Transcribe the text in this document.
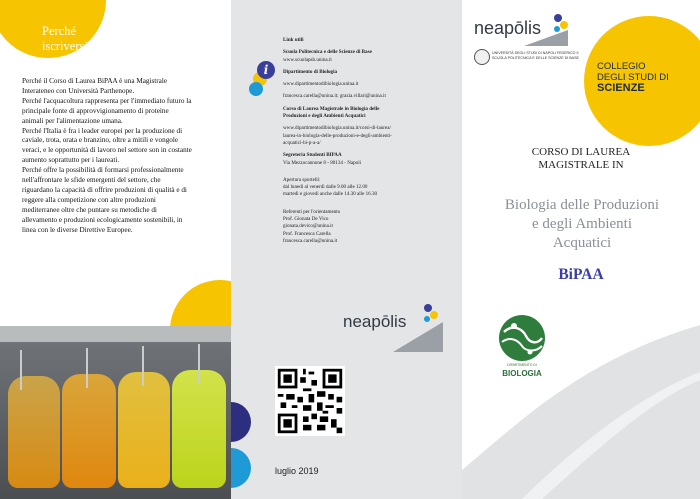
Perché
iscriversi

Perché il Corso di Laurea BiPAA è una Magistrale Interateneo con Università Parthenope.

Perché l'acquacoltura rappresenta per l'immediato futuro la principale fonte di approvvigionamento di proteine animali per l'alimentazione umana.

Perché l'Italia è fra i leader europei per la produzione di caviale, trota, orata e branzino, oltre a mitili e vongole veraci, e le opportunità di lavoro nel settore son in costante aumento soprattutto per i laureati.

Perché offre la possibilità di formarsi professionalmente nell'affrontare le sfide emergenti del settore, che riguardano la capacità di offrire produzioni di qualità e di reggere alla competizione con altre produzioni mediterranee oltre che puntare su metodiche di allevamento e produzioni ecologicamente sostenibili, in linea con le diverse Direttive Europee.

i
Link utili
Scuola Politecnica e delle Scienze di Base
www.scuolapsb.unina.it
Dipartimento di Biologia
www.dipartimentodibiologia.unina.it
francesca.carella@unina.it; grazia.villari@unina.it
Corso di Laurea Magistrale in Biologia delle
Produzioni e degli Ambienti Acquatici
www.dipartimentodibiologia.unina.it/corsi-di-laurea/
laurea-in-biologia-delle-produzioni-e-degli-ambienti-
acquatici-bi-p-a-a/
Segreteria Studenti BIPAA
Via Mezzocannone 8 - 80134 - Napoli
Apertura sportelli:
dal lunedì al venerdì dalle 9.00 alle 12.00
martedì e giovedì anche dalle 14.30 alle 16.30
Referenti per l'orientamento
Prof. Gionata De Vico
gionata.devico@unina.it
Prof. Francesca Carella
francesca.carella@unina.it
neapōlis
luglio 2019
COLLEGIO
DEGLI STUDI DI
SCIENZE
neapōlis
UNIVERSITÀ DEGLI STUDI DI NAPOLI FEDERICO II
SCUOLA POLITECNICA E DELLE SCIENZE DI BASE
CORSO DI LAUREA
MAGISTRALE IN
Biologia delle Produzioni
e degli Ambienti
Acquatici
BiPAA
DIPARTIMENTO DI
BIOLOGIA
